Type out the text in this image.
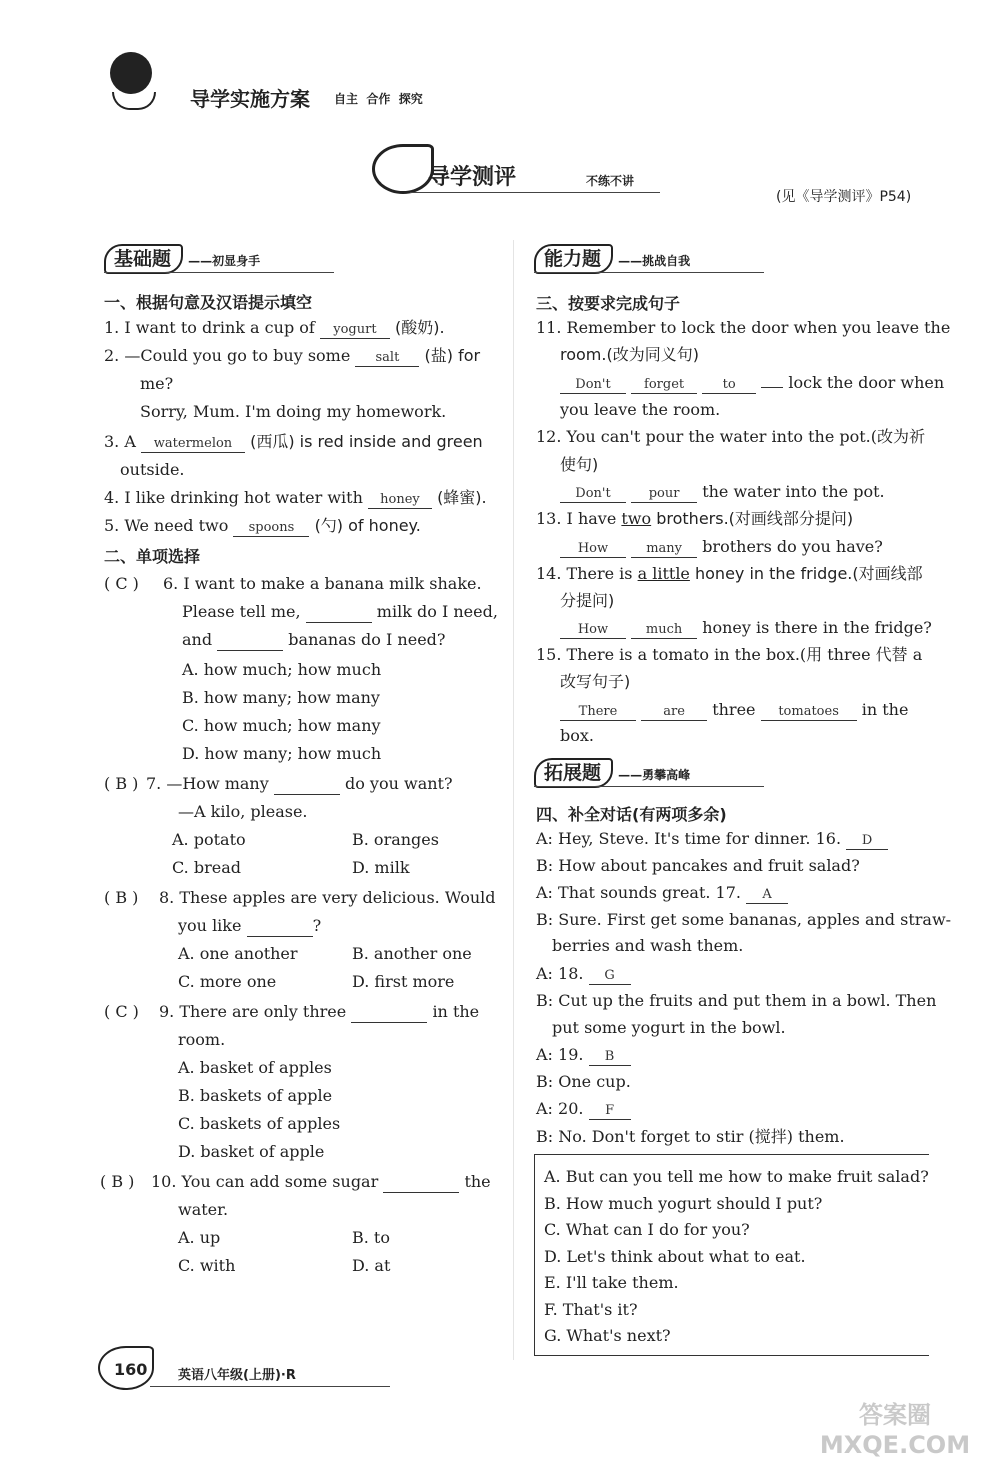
导学实施方案 自主  合作  探究
导学测评	不练不讲
(见《导学测评》P54)
基础题 ——初显身手
一、根据句意及汉语提示填空
1. I want to drink a cup of yogurt (酸奶).
2. —Could you go to buy some salt (盐) for
me?
Sorry, Mum. I'm doing my homework.
3. A watermelon (西瓜) is red inside and green
outside.
4. I like drinking hot water with honey (蜂蜜).
5. We need two spoons (勺) of honey.
二、单项选择
( C ) 6. I want to make a banana milk shake.
Please tell me,	milk do I need,
and	bananas do I need?
A. how much; how much
B. how many; how many
C. how much; how many
D. how many; how much
( B ) 7. —How many	do you want?
—A kilo, please.
A. potato	B. oranges
C. bread	D. milk
( B ) 8. These apples are very delicious. Would
you like	?
A. one another	B. another one
C. more one	D. first more
( C ) 9. There are only three	in the
room.
A. basket of apples
B. baskets of apple
C. baskets of apples
D. basket of apple
( B ) 10. You can add some sugar	the
water.
A. up	B. to
C. with	D. at
能力题 ——挑战自我
三、按要求完成句子
11. Remember to lock the door when you leave the
room.(改为同义句)
Don't	forget	to	lock the door when
you leave the room.
12. You can't pour the water into the pot.(改为祈
使句)
Don't	pour the water into the pot.
13. I have two brothers.(对画线部分提问)
How	many brothers do you have?
14. There is a little honey in the fridge.(对画线部
分提问)
How	much honey is there in the fridge?
15. There is a tomato in the box.(用 three 代替 a
改写句子)
There	are three tomatoes in the
box.
拓展题 ——勇攀高峰
四、补全对话(有两项多余)
A: Hey, Steve. It's time for dinner. 16. D
B: How about pancakes and fruit salad?
A: That sounds great. 17. A
B: Sure. First get some bananas, apples and straw-
berries and wash them.
A: 18. G
B: Cut up the fruits and put them in a bowl. Then
put some yogurt in the bowl.
A: 19. B
B: One cup.
A: 20. F
B: No. Don't forget to stir (搅拌) them.
A. But can you tell me how to make fruit salad?
B. How much yogurt should I put?
C. What can I do for you?
D. Let's think about what to eat.
E. I'll take them.
F. That's it?
G. What's next?
160 英语八年级(上册)·R
答案圈 MXQE.COM
